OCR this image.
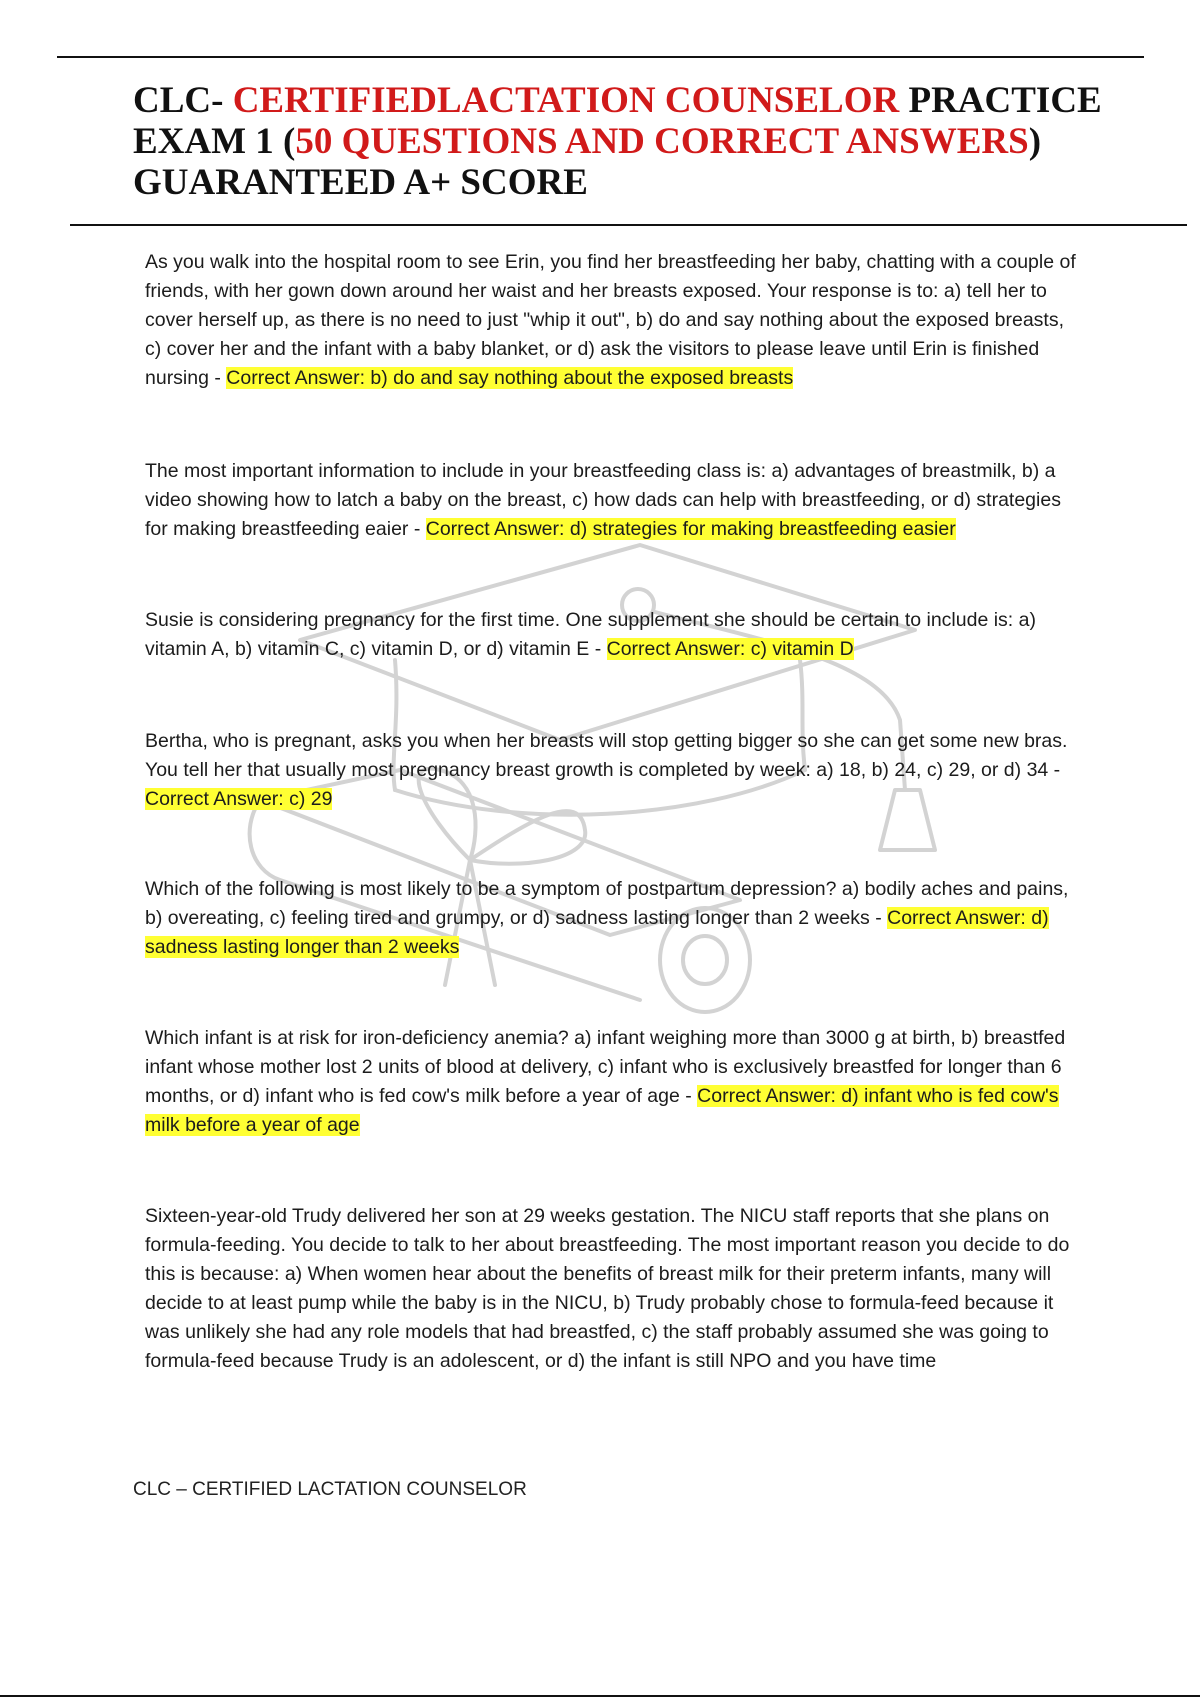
CLC- CERTIFIEDLACTATION COUNSELOR PRACTICE EXAM 1 (50 QUESTIONS AND CORRECT ANSWERS) GUARANTEED A+ SCORE
As you walk into the hospital room to see Erin, you find her breastfeeding her baby, chatting with a couple of friends, with her gown down around her waist and her breasts exposed. Your response is to: a) tell her to cover herself up, as there is no need to just "whip it out", b) do and say nothing about the exposed breasts, c) cover her and the infant with a baby blanket, or d) ask the visitors to please leave until Erin is finished nursing - Correct Answer: b) do and say nothing about the exposed breasts
The most important information to include in your breastfeeding class is: a) advantages of breastmilk, b) a video showing how to latch a baby on the breast, c) how dads can help with breastfeeding, or d) strategies for making breastfeeding eaier - Correct Answer: d) strategies for making breastfeeding easier
Susie is considering pregnancy for the first time. One supplement she should be certain to include is: a) vitamin A, b) vitamin C, c) vitamin D, or d) vitamin E - Correct Answer: c) vitamin D
Bertha, who is pregnant, asks you when her breasts will stop getting bigger so she can get some new bras. You tell her that usually most pregnancy breast growth is completed by week: a) 18, b) 24, c) 29, or d) 34 - Correct Answer: c) 29
Which of the following is most likely to be a symptom of postpartum depression? a) bodily aches and pains, b) overeating, c) feeling tired and grumpy, or d) sadness lasting longer than 2 weeks - Correct Answer: d) sadness lasting longer than 2 weeks
Which infant is at risk for iron-deficiency anemia? a) infant weighing more than 3000 g at birth, b) breastfed infant whose mother lost 2 units of blood at delivery, c) infant who is exclusively breastfed for longer than 6 months, or d) infant who is fed cow's milk before a year of age - Correct Answer: d) infant who is fed cow's milk before a year of age
Sixteen-year-old Trudy delivered her son at 29 weeks gestation. The NICU staff reports that she plans on formula-feeding. You decide to talk to her about breastfeeding. The most important reason you decide to do this is because: a) When women hear about the benefits of breast milk for their preterm infants, many will decide to at least pump while the baby is in the NICU, b) Trudy probably chose to formula-feed because it was unlikely she had any role models that had breastfed, c) the staff probably assumed she was going to formula-feed because Trudy is an adolescent, or d) the infant is still NPO and you have time
CLC – CERTIFIED LACTATION COUNSELOR
